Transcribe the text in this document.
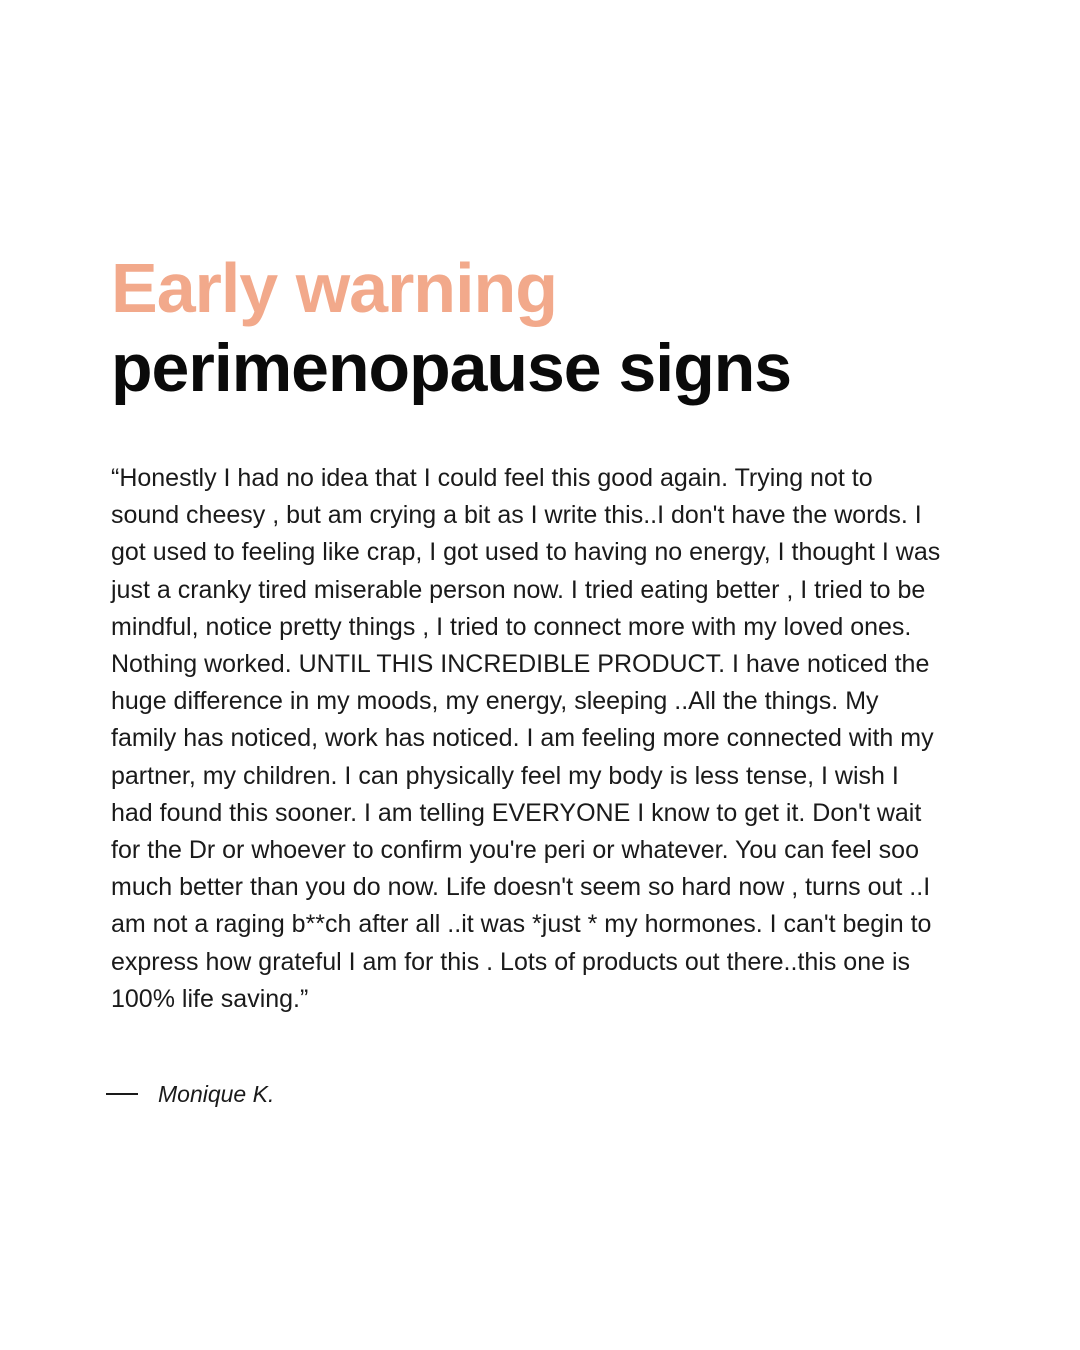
Early warning
perimenopause signs
“Honestly I had no idea that I could feel this good again. Trying not to sound cheesy , but am crying a bit as I write this..I don't have the words. I got used to feeling like crap, I got used to having no energy, I thought I was just a cranky tired miserable person now. I tried eating better , I tried to be mindful, notice pretty things , I tried to connect more with my loved ones. Nothing worked. UNTIL THIS INCREDIBLE PRODUCT. I have noticed the huge difference in my moods, my energy, sleeping ..All the things. My family has noticed, work has noticed. I am feeling more connected with my partner, my children. I can physically feel my body is less tense, I wish I had found this sooner. I am telling EVERYONE I know to get it. Don't wait for the Dr or whoever to confirm you're peri or whatever. You can feel soo much better than you do now. Life doesn't seem so hard now , turns out ..I am not a raging b**ch after all ..it was *just * my hormones. I can't begin to express how grateful I am for this . Lots of products out there..this one is 100% life saving.”
Monique K.
